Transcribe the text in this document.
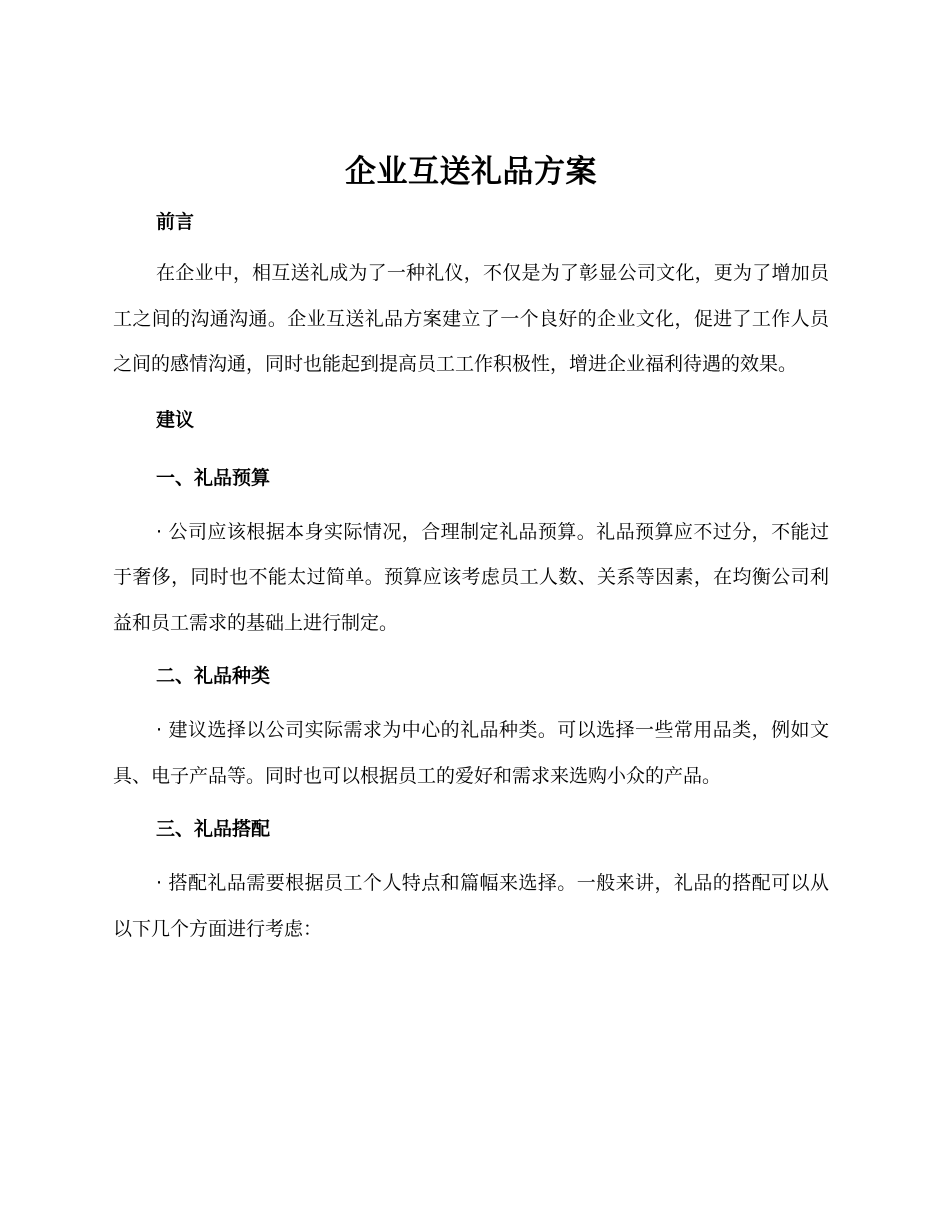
企业互送礼品方案
前言

在企业中，相互送礼成为了一种礼仪，不仅是为了彰显公司文化，更为了增加员工之间的沟通沟通。企业互送礼品方案建立了一个良好的企业文化，促进了工作人员之间的感情沟通，同时也能起到提高员工工作积极性，增进企业福利待遇的效果。

建议
一、礼品预算

· 公司应该根据本身实际情况，合理制定礼品预算。礼品预算应不过分，不能过于奢侈，同时也不能太过简单。预算应该考虑员工人数、关系等因素，在均衡公司利益和员工需求的基础上进行制定。

二、礼品种类

· 建议选择以公司实际需求为中心的礼品种类。可以选择一些常用品类，例如文具、电子产品等。同时也可以根据员工的爱好和需求来选购小众的产品。

三、礼品搭配

· 搭配礼品需要根据员工个人特点和篇幅来选择。一般来讲，礼品的搭配可以从以下几个方面进行考虑：
